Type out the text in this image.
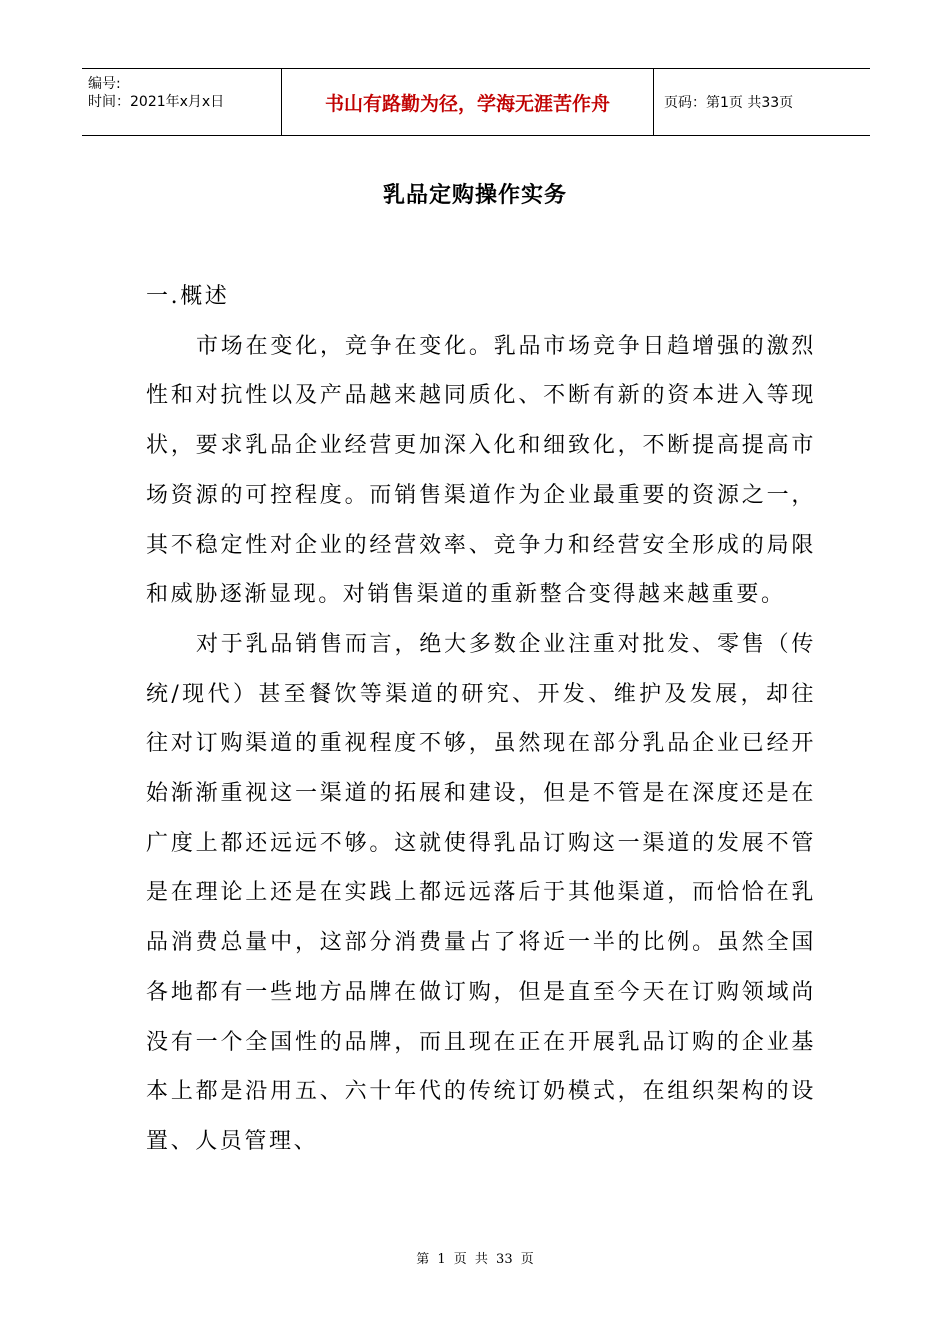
编号:
时间：2021年x月x日	书山有路勤为径，学海无涯苦作舟	页码：第1页 共33页
乳品定购操作实务

一.概述

市场在变化，竞争在变化。乳品市场竞争日趋增强的激烈性和对抗性以及产品越来越同质化、不断有新的资本进入等现状，要求乳品企业经营更加深入化和细致化，不断提高提高市场资源的可控程度。而销售渠道作为企业最重要的资源之一，其不稳定性对企业的经营效率、竞争力和经营安全形成的局限和威胁逐渐显现。对销售渠道的重新整合变得越来越重要。

对于乳品销售而言，绝大多数企业注重对批发、零售（传统/现代）甚至餐饮等渠道的研究、开发、维护及发展，却往往对订购渠道的重视程度不够，虽然现在部分乳品企业已经开始渐渐重视这一渠道的拓展和建设，但是不管是在深度还是在广度上都还远远不够。这就使得乳品订购这一渠道的发展不管是在理论上还是在实践上都远远落后于其他渠道，而恰恰在乳品消费总量中，这部分消费量占了将近一半的比例。虽然全国各地都有一些地方品牌在做订购，但是直至今天在订购领域尚没有一个全国性的品牌，而且现在正在开展乳品订购的企业基本上都是沿用五、六十年代的传统订奶模式，在组织架构的设置、人员管理、

第 1 页 共 33 页
